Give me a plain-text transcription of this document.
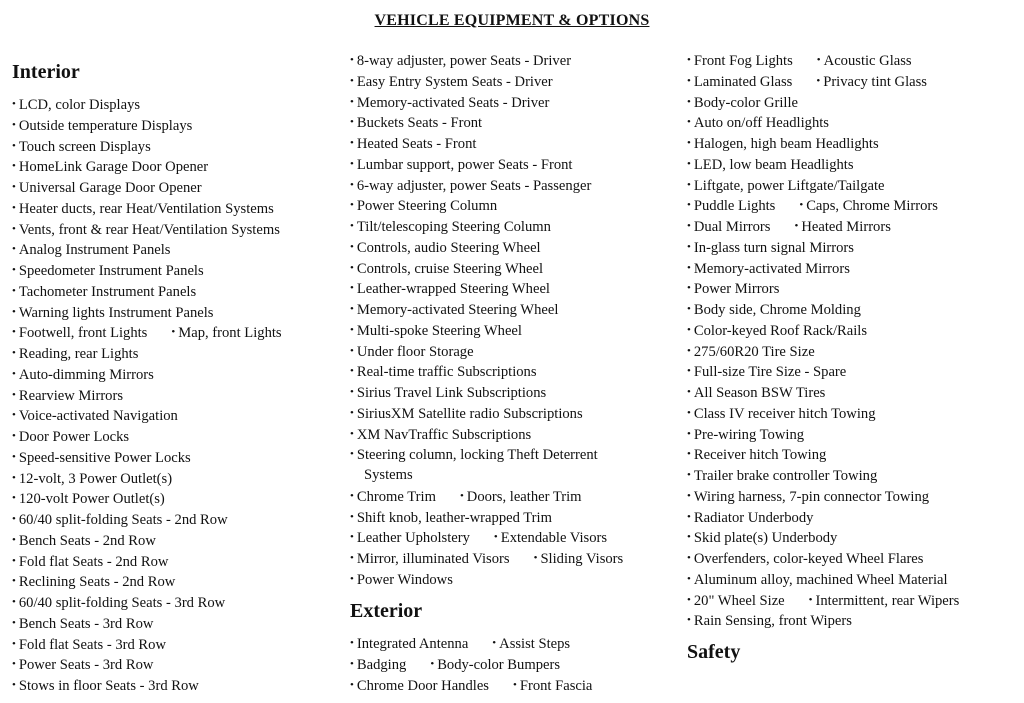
VEHICLE EQUIPMENT & OPTIONS
Interior
• LCD, color Displays
• Outside temperature Displays
• Touch screen Displays
• HomeLink Garage Door Opener
• Universal Garage Door Opener
• Heater ducts, rear Heat/Ventilation Systems
• Vents, front & rear Heat/Ventilation Systems
• Analog Instrument Panels
• Speedometer Instrument Panels
• Tachometer Instrument Panels
• Warning lights Instrument Panels
• Footwell, front Lights • Map, front Lights
• Reading, rear Lights
• Auto-dimming Mirrors
• Rearview Mirrors
• Voice-activated Navigation
• Door Power Locks
• Speed-sensitive Power Locks
• 12-volt, 3 Power Outlet(s)
• 120-volt Power Outlet(s)
• 60/40 split-folding Seats - 2nd Row
• Bench Seats - 2nd Row
• Fold flat Seats - 2nd Row
• Reclining Seats - 2nd Row
• 60/40 split-folding Seats - 3rd Row
• Bench Seats - 3rd Row
• Fold flat Seats - 3rd Row
• Power Seats - 3rd Row
• Stows in floor Seats - 3rd Row
• 8-way adjuster, power Seats - Driver
• Easy Entry System Seats - Driver
• Memory-activated Seats - Driver
• Buckets Seats - Front
• Heated Seats - Front
• Lumbar support, power Seats - Front
• 6-way adjuster, power Seats - Passenger
• Power Steering Column
• Tilt/telescoping Steering Column
• Controls, audio Steering Wheel
• Controls, cruise Steering Wheel
• Leather-wrapped Steering Wheel
• Memory-activated Steering Wheel
• Multi-spoke Steering Wheel
• Under floor Storage
• Real-time traffic Subscriptions
• Sirius Travel Link Subscriptions
• SiriusXM Satellite radio Subscriptions
• XM NavTraffic Subscriptions
• Steering column, locking Theft Deterrent
• Chrome Trim • Doors, leather Trim
• Shift knob, leather-wrapped Trim
• Leather Upholstery • Extendable Visors
• Mirror, illuminated Visors • Sliding Visors
• Power Windows
Systems
Exterior
• Integrated Antenna • Assist Steps
• Badging • Body-color Bumpers
• Chrome Door Handles • Front Fascia
• Front Fog Lights • Acoustic Glass
• Laminated Glass • Privacy tint Glass
• Body-color Grille
• Auto on/off Headlights
• Halogen, high beam Headlights
• LED, low beam Headlights
• Liftgate, power Liftgate/Tailgate
• Puddle Lights • Caps, Chrome Mirrors
• Dual Mirrors • Heated Mirrors
• In-glass turn signal Mirrors
• Memory-activated Mirrors
• Power Mirrors
• Body side, Chrome Molding
• Color-keyed Roof Rack/Rails
• 275/60R20 Tire Size
• Full-size Tire Size - Spare
• All Season BSW Tires
• Class IV receiver hitch Towing
• Pre-wiring Towing
• Receiver hitch Towing
• Trailer brake controller Towing
• Wiring harness, 7-pin connector Towing
• Radiator Underbody
• Skid plate(s) Underbody
• Overfenders, color-keyed Wheel Flares
• Aluminum alloy, machined Wheel Material
• 20" Wheel Size • Intermittent, rear Wipers
• Rain Sensing, front Wipers
Safety
